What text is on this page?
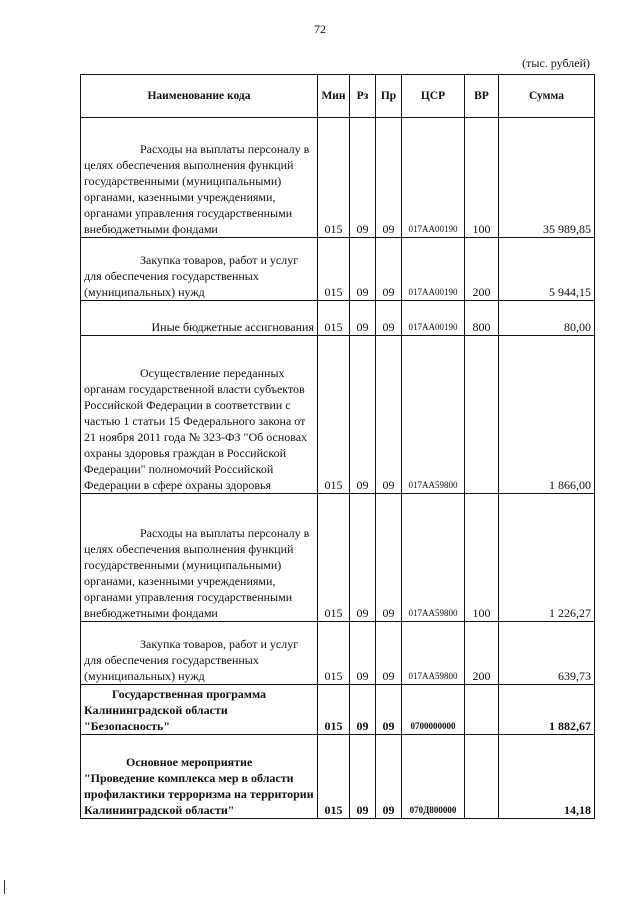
72
(тыс. рублей)
Наименование кода	Мин	Рз	Пр	ЦСР	ВР	Сумма
Расходы на выплаты персоналу в целях обеспечения выполнения функций государственными (муниципальными) органами, казенными учреждениями, органами управления государственными внебюджетными фондами	015	09	09	017АА00190	100	35 989,85
Закупка товаров, работ и услуг для обеспечения государственных (муниципальных) нужд	015	09	09	017АА00190	200	5 944,15
Иные бюджетные ассигнования	015	09	09	017АА00190	800	80,00
Осуществление переданных органам государственной власти субъектов Российской Федерации в соответствии с частью 1 статьи 15 Федерального закона от 21 ноября 2011 года № 323-ФЗ "Об основах охраны здоровья граждан в Российской Федерации" полномочий Российской Федерации в сфере охраны здоровья	015	09	09	017АА59800		1 866,00
Расходы на выплаты персоналу в целях обеспечения выполнения функций государственными (муниципальными) органами, казенными учреждениями, органами управления государственными внебюджетными фондами	015	09	09	017АА59800	100	1 226,27
Закупка товаров, работ и услуг для обеспечения государственных (муниципальных) нужд	015	09	09	017АА59800	200	639,73
Государственная программа Калининградской области "Безопасность"	015	09	09	0700000000		1 882,67
Основное мероприятие "Проведение комплекса мер в области профилактики терроризма на территории Калининградской области"	015	09	09	070Д800000		14,18
